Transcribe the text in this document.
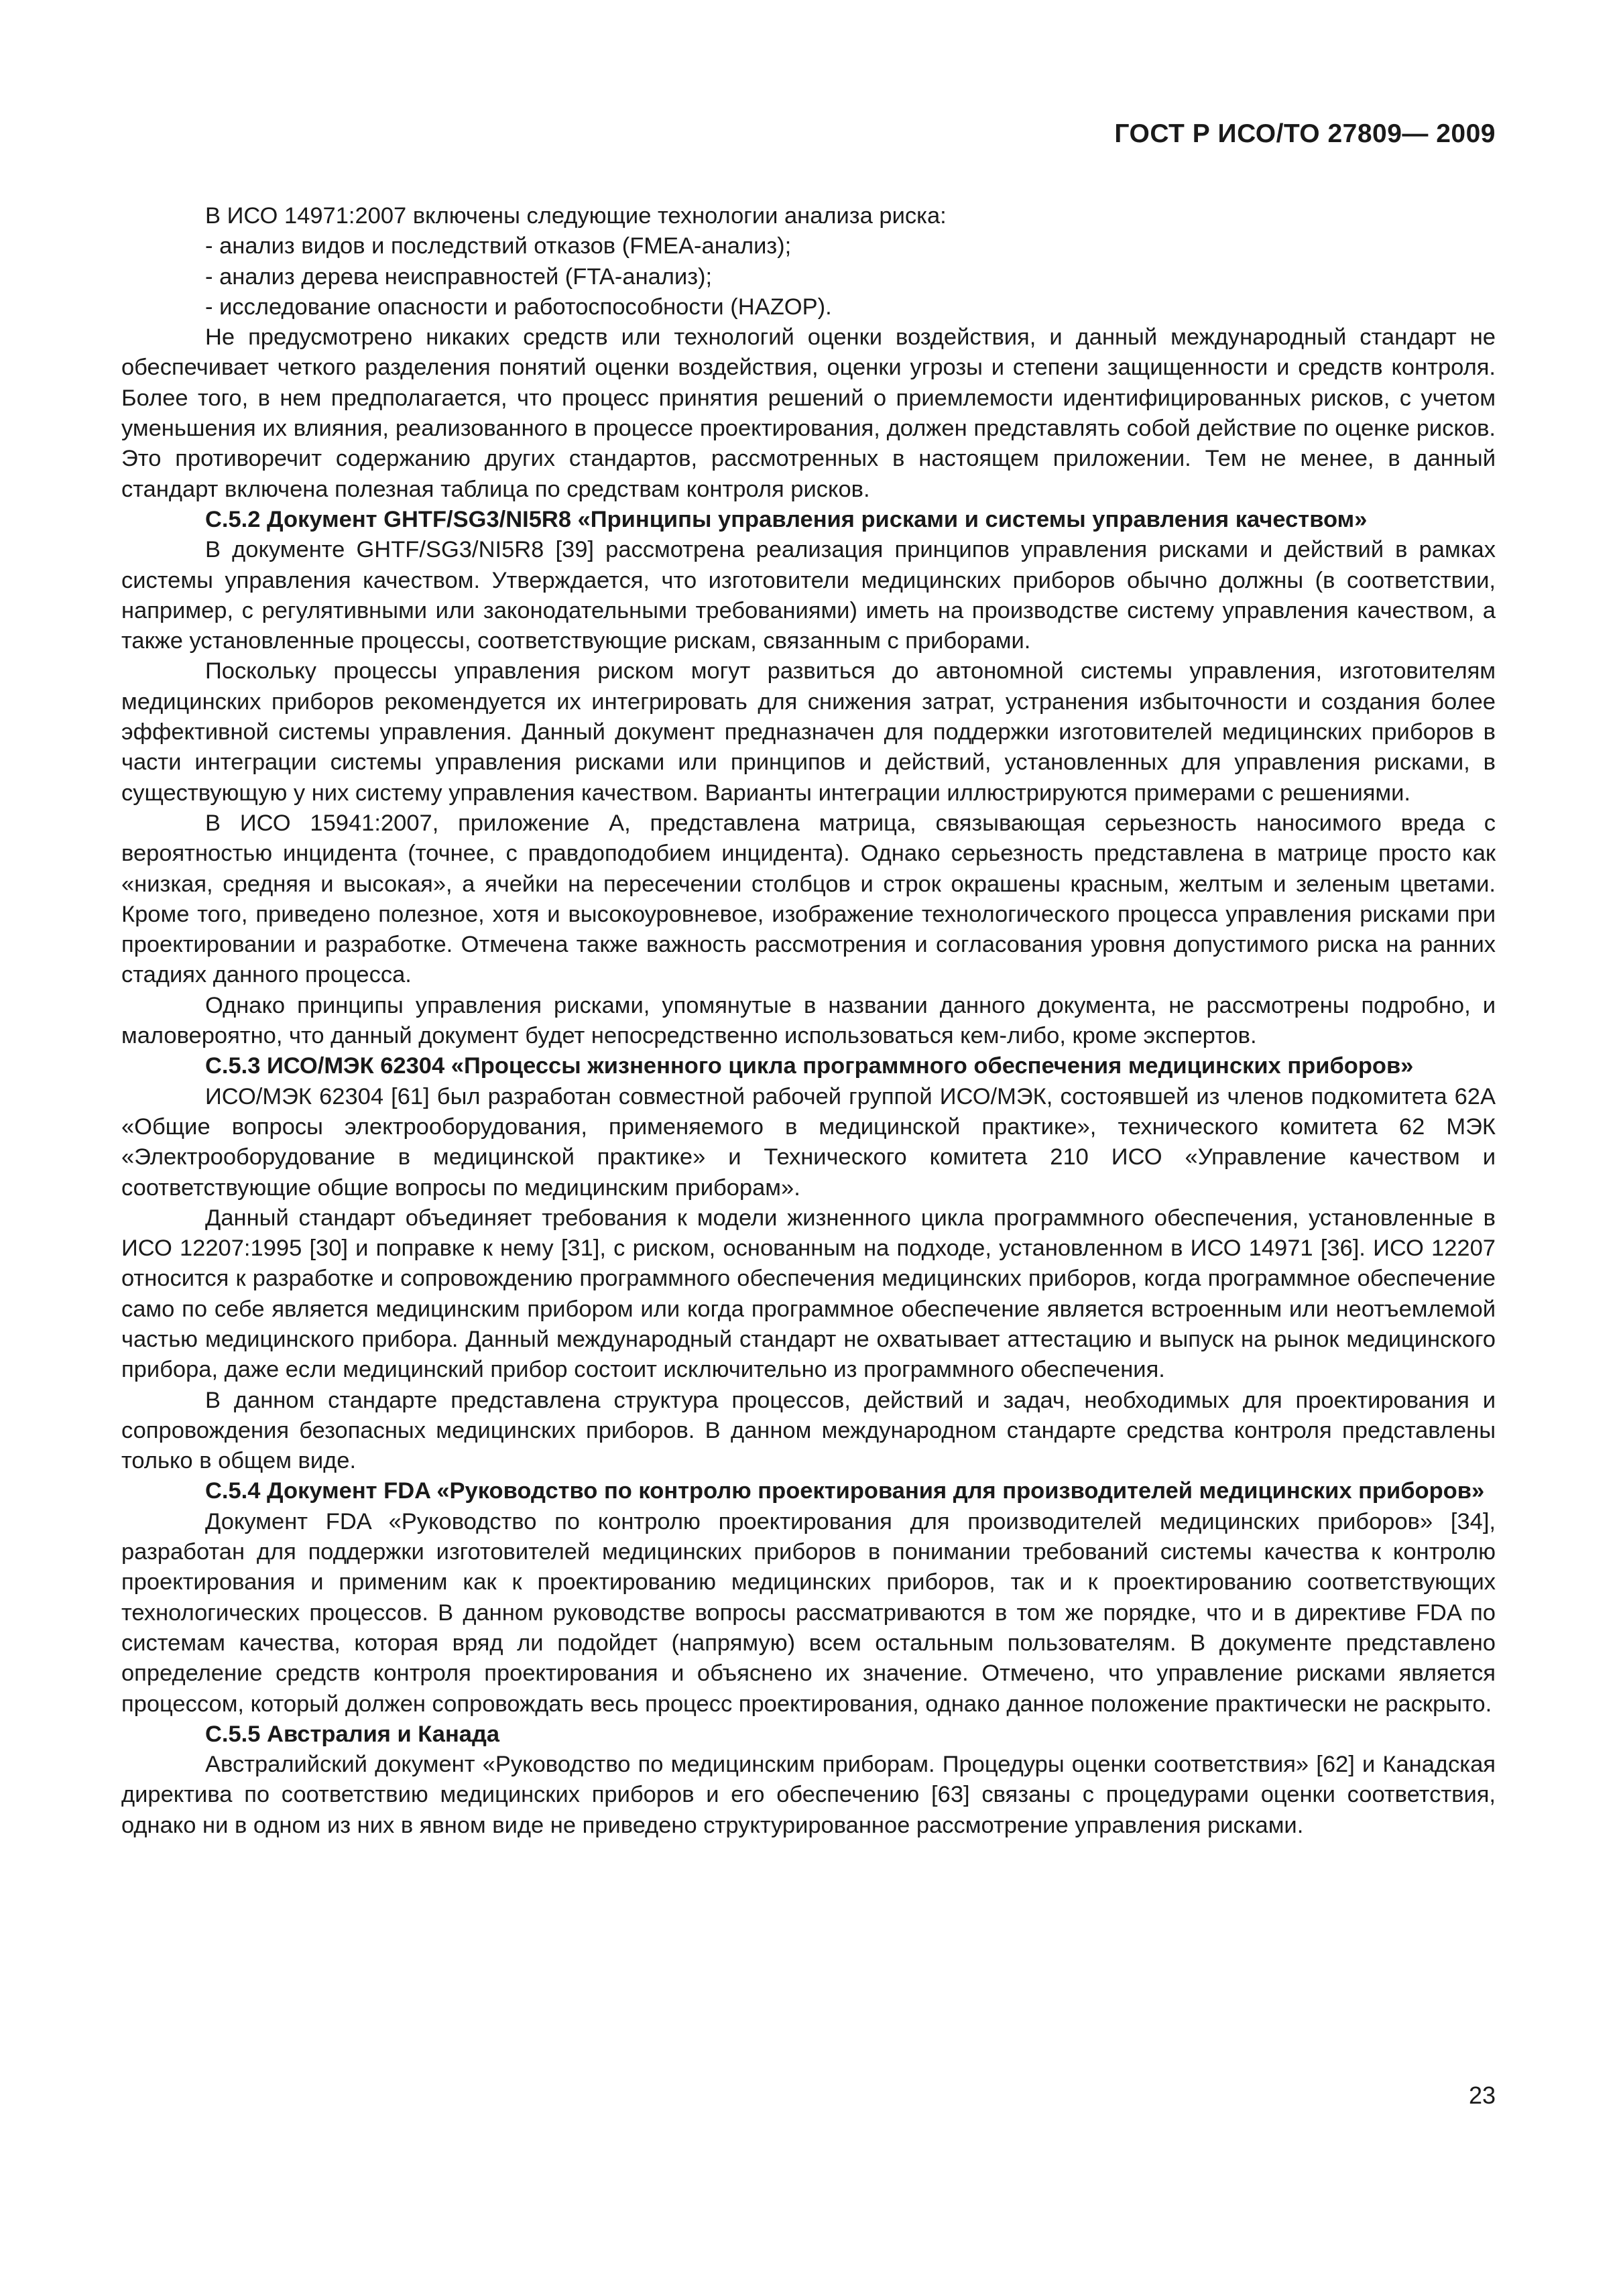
ГОСТ Р ИСО/ТО 27809— 2009

В ИСО 14971:2007 включены следующие технологии анализа риска:

- анализ видов и последствий отказов (FMEA-анализ);

- анализ дерева неисправностей (FTA-анализ);

- исследование опасности и работоспособности (HAZOP).

Не предусмотрено никаких средств или технологий оценки воздействия, и данный международный стандарт не обеспечивает четкого разделения понятий оценки воздействия, оценки угрозы и степени защищенности и средств контроля. Более того, в нем предполагается, что процесс принятия решений о приемлемости идентифицированных рисков, с учетом уменьшения их влияния, реализованного в процессе проектирования, должен представлять собой действие по оценке рисков. Это противоречит содержанию других стандартов, рассмотренных в настоящем приложении. Тем не менее, в данный стандарт включена полезная таблица по средствам контроля рисков.

С.5.2 Документ GHTF/SG3/NI5R8 «Принципы управления рисками и системы управления качеством»

В документе GHTF/SG3/NI5R8 [39] рассмотрена реализация принципов управления рисками и действий в рамках системы управления качеством. Утверждается, что изготовители медицинских приборов обычно должны (в соответствии, например, с регулятивными или законодательными требованиями) иметь на производстве систему управления качеством, а также установленные процессы, соответствующие рискам, связанным с приборами.

Поскольку процессы управления риском могут развиться до автономной системы управления, изготовителям медицинских приборов рекомендуется их интегрировать для снижения затрат, устранения избыточности и создания более эффективной системы управления. Данный документ предназначен для поддержки изготовителей медицинских приборов в части интеграции системы управления рисками или принципов и действий, установленных для управления рисками, в существующую у них систему управления качеством. Варианты интеграции иллюстрируются примерами с решениями.

В ИСО 15941:2007, приложение А, представлена матрица, связывающая серьезность наносимого вреда с вероятностью инцидента (точнее, с правдоподобием инцидента). Однако серьезность представлена в матрице просто как «низкая, средняя и высокая», а ячейки на пересечении столбцов и строк окрашены красным, желтым и зеленым цветами. Кроме того, приведено полезное, хотя и высокоуровневое, изображение технологического процесса управления рисками при проектировании и разработке. Отмечена также важность рассмотрения и согласования уровня допустимого риска на ранних стадиях данного процесса.

Однако принципы управления рисками, упомянутые в названии данного документа, не рассмотрены подробно, и маловероятно, что данный документ будет непосредственно использоваться кем-либо, кроме экспертов.

С.5.3 ИСО/МЭК 62304 «Процессы жизненного цикла программного обеспечения медицинских приборов»

ИСО/МЭК 62304 [61] был разработан совместной рабочей группой ИСО/МЭК, состоявшей из членов подкомитета 62А «Общие вопросы электрооборудования, применяемого в медицинской практике», технического комитета 62 МЭК «Электрооборудование в медицинской практике» и Технического комитета 210 ИСО «Управление качеством и соответствующие общие вопросы по медицинским приборам».

Данный стандарт объединяет требования к модели жизненного цикла программного обеспечения, установленные в ИСО 12207:1995 [30] и поправке к нему [31], с риском, основанным на подходе, установленном в ИСО 14971 [36]. ИСО 12207 относится к разработке и сопровождению программного обеспечения медицинских приборов, когда программное обеспечение само по себе является медицинским прибором или когда программное обеспечение является встроенным или неотъемлемой частью медицинского прибора. Данный международный стандарт не охватывает аттестацию и выпуск на рынок медицинского прибора, даже если медицинский прибор состоит исключительно из программного обеспечения.

В данном стандарте представлена структура процессов, действий и задач, необходимых для проектирования и сопровождения безопасных медицинских приборов. В данном международном стандарте средства контроля представлены только в общем виде.

С.5.4 Документ FDA «Руководство по контролю проектирования для производителей медицинских приборов»

Документ FDA «Руководство по контролю проектирования для производителей медицинских приборов» [34], разработан для поддержки изготовителей медицинских приборов в понимании требований системы качества к контролю проектирования и применим как к проектированию медицинских приборов, так и к проектированию соответствующих технологических процессов. В данном руководстве вопросы рассматриваются в том же порядке, что и в директиве FDA по системам качества, которая вряд ли подойдет (напрямую) всем остальным пользователям. В документе представлено определение средств контроля проектирования и объяснено их значение. Отмечено, что управление рисками является процессом, который должен сопровождать весь процесс проектирования, однако данное положение практически не раскрыто.

С.5.5 Австралия и Канада

Австралийский документ «Руководство по медицинским приборам. Процедуры оценки соответствия» [62] и Канадская директива по соответствию медицинских приборов и его обеспечению [63] связаны с процедурами оценки соответствия, однако ни в одном из них в явном виде не приведено структурированное рассмотрение управления рисками.

23
